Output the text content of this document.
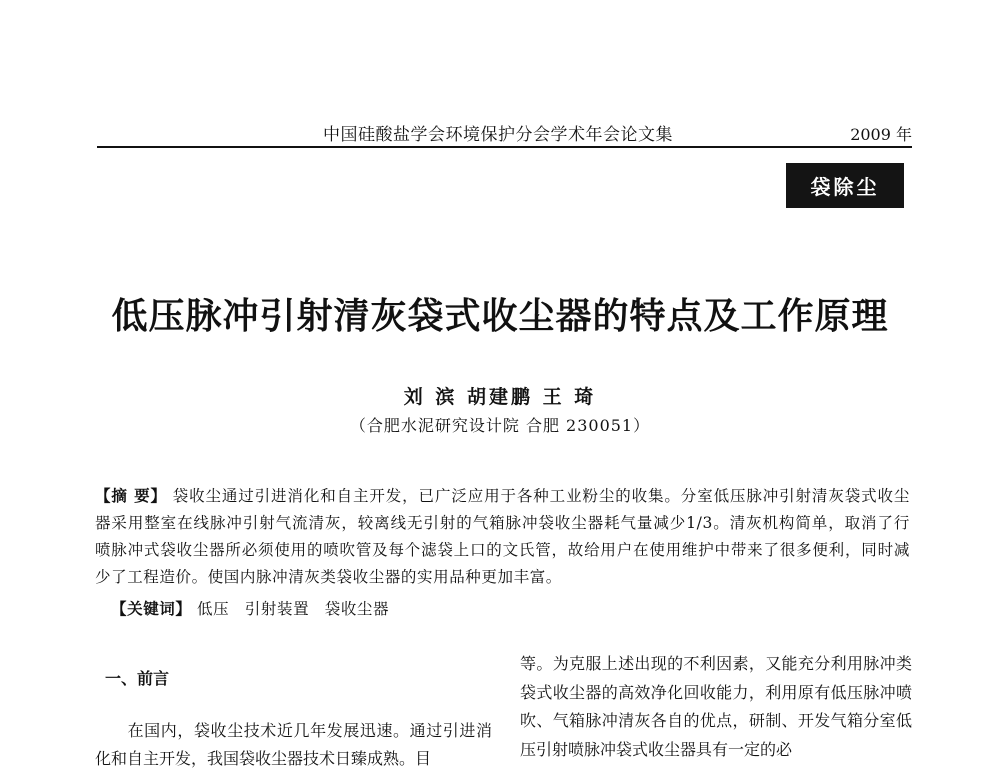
中国硅酸盐学会环境保护分会学术年会论文集	2009 年
袋除尘
低压脉冲引射清灰袋式收尘器的特点及工作原理
刘 滨 胡建鹏 王 琦
（合肥水泥研究设计院 合肥 230051）
【摘 要】 袋收尘通过引进消化和自主开发，已广泛应用于各种工业粉尘的收集。分室低压脉冲引射清灰袋式收尘器采用整室在线脉冲引射气流清灰，较离线无引射的气箱脉冲袋收尘器耗气量减少1/3。清灰机构简单，取消了行喷脉冲式袋收尘器所必须使用的喷吹管及每个滤袋上口的文氏管，故给用户在使用维护中带来了很多便利，同时减少了工程造价。使国内脉冲清灰类袋收尘器的实用品种更加丰富。
【关键词】 低压 引射装置 袋收尘器
一、前言

在国内，袋收尘技术近几年发展迅速。通过引进消化和自主开发，我国袋收尘器技术日臻成熟。目

等。为克服上述出现的不利因素，又能充分利用脉冲类袋式收尘器的高效净化回收能力，利用原有低压脉冲喷吹、气箱脉冲清灰各自的优点，研制、开发气箱分室低压引射喷脉冲袋式收尘器具有一定的必
